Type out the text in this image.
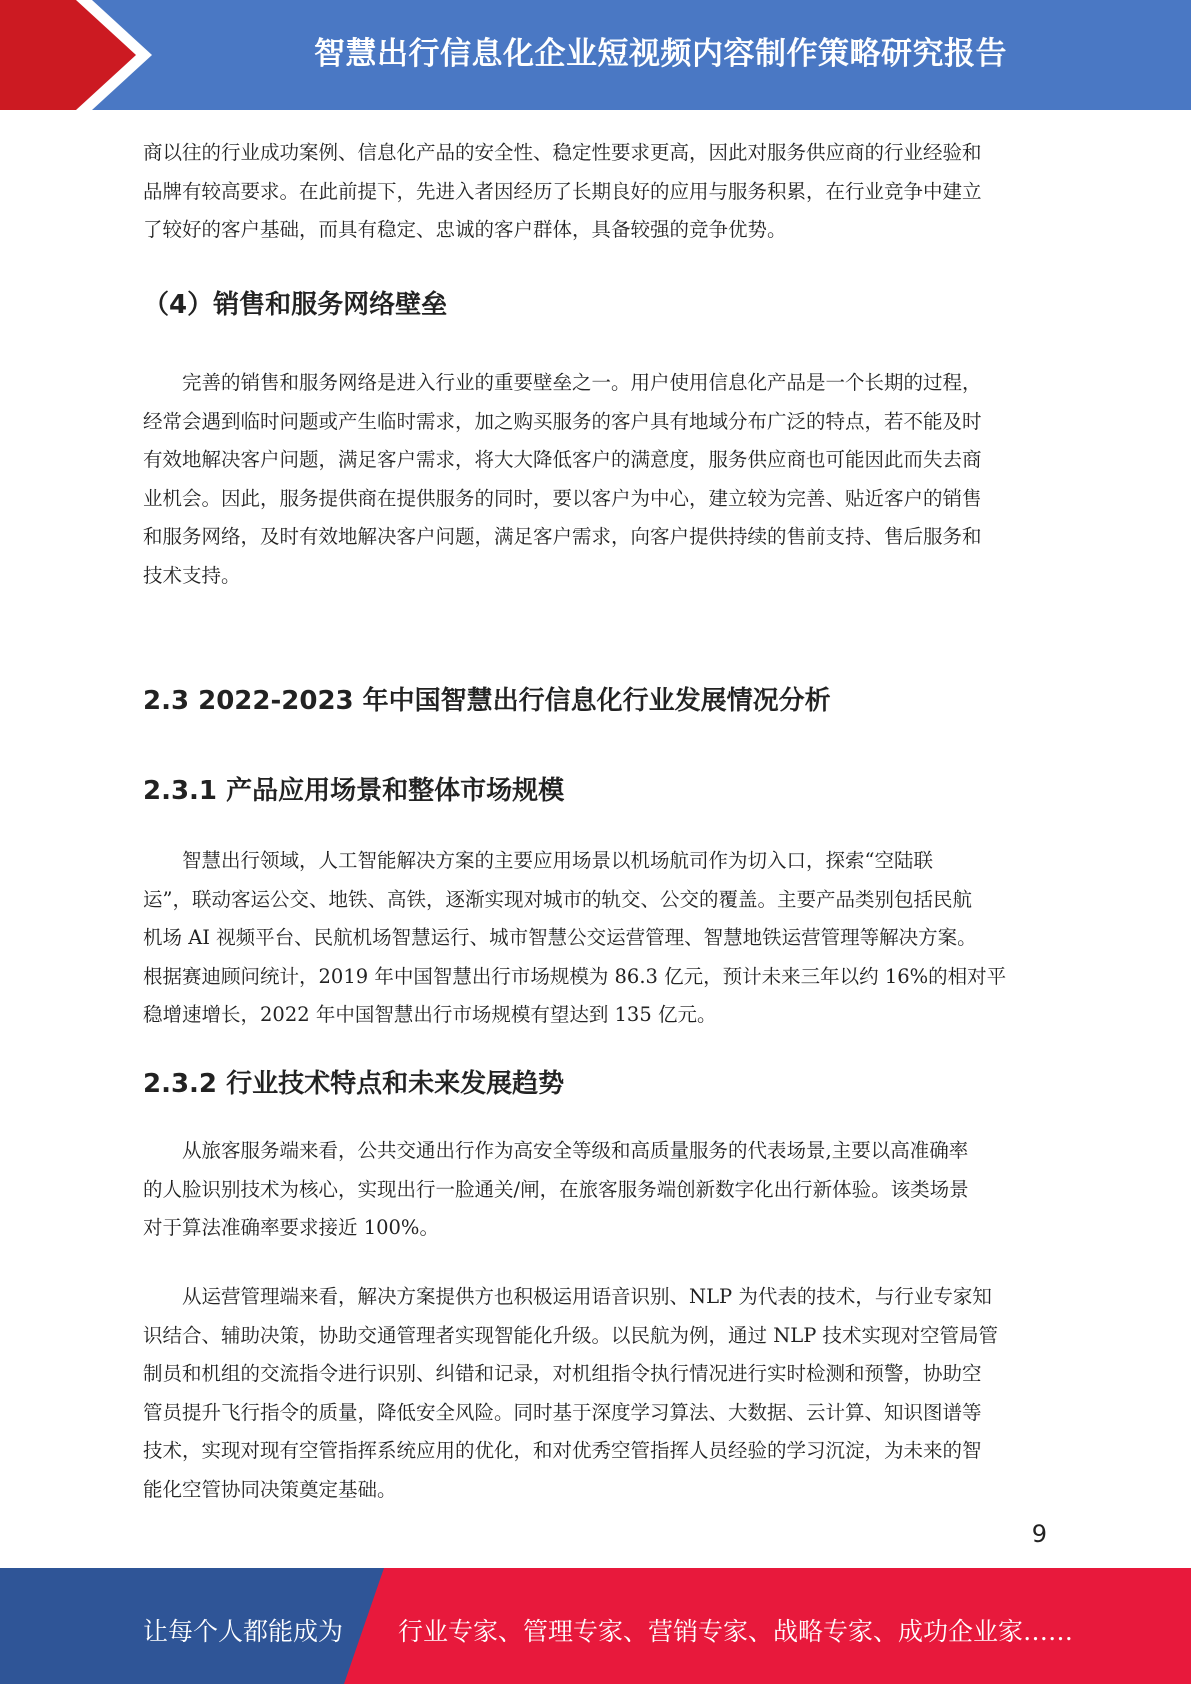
智慧出行信息化企业短视频内容制作策略研究报告

商以往的行业成功案例、信息化产品的安全性、稳定性要求更高，因此对服务供应商的行业经验和
品牌有较高要求。在此前提下，先进入者因经历了长期良好的应用与服务积累，在行业竞争中建立
了较好的客户基础，而具有稳定、忠诚的客户群体，具备较强的竞争优势。

（4）销售和服务网络壁垒

　　完善的销售和服务网络是进入行业的重要壁垒之一。用户使用信息化产品是一个长期的过程，
经常会遇到临时问题或产生临时需求，加之购买服务的客户具有地域分布广泛的特点，若不能及时
有效地解决客户问题，满足客户需求，将大大降低客户的满意度，服务供应商也可能因此而失去商
业机会。因此，服务提供商在提供服务的同时，要以客户为中心，建立较为完善、贴近客户的销售
和服务网络，及时有效地解决客户问题，满足客户需求，向客户提供持续的售前支持、售后服务和
技术支持。

2.3 2022-2023 年中国智慧出行信息化行业发展情况分析
2.3.1 产品应用场景和整体市场规模

　　智慧出行领域，人工智能解决方案的主要应用场景以机场航司作为切入口，探索“空陆联
运”，联动客运公交、地铁、高铁，逐渐实现对城市的轨交、公交的覆盖。主要产品类别包括民航
机场 AI 视频平台、民航机场智慧运行、城市智慧公交运营管理、智慧地铁运营管理等解决方案。
根据赛迪顾问统计，2019 年中国智慧出行市场规模为 86.3 亿元，预计未来三年以约 16%的相对平
稳增速增长，2022 年中国智慧出行市场规模有望达到 135 亿元。

2.3.2 行业技术特点和未来发展趋势

　　从旅客服务端来看，公共交通出行作为高安全等级和高质量服务的代表场景,主要以高准确率
的人脸识别技术为核心，实现出行一脸通关/闸，在旅客服务端创新数字化出行新体验。该类场景
对于算法准确率要求接近 100%。

　　从运营管理端来看，解决方案提供方也积极运用语音识别、NLP 为代表的技术，与行业专家知
识结合、辅助决策，协助交通管理者实现智能化升级。以民航为例，通过 NLP 技术实现对空管局管
制员和机组的交流指令进行识别、纠错和记录，对机组指令执行情况进行实时检测和预警，协助空
管员提升飞行指令的质量，降低安全风险。同时基于深度学习算法、大数据、云计算、知识图谱等
技术，实现对现有空管指挥系统应用的优化，和对优秀空管指挥人员经验的学习沉淀，为未来的智
能化空管协同决策奠定基础。

9
让每个人都能成为 行业专家、管理专家、营销专家、战略专家、成功企业家……
